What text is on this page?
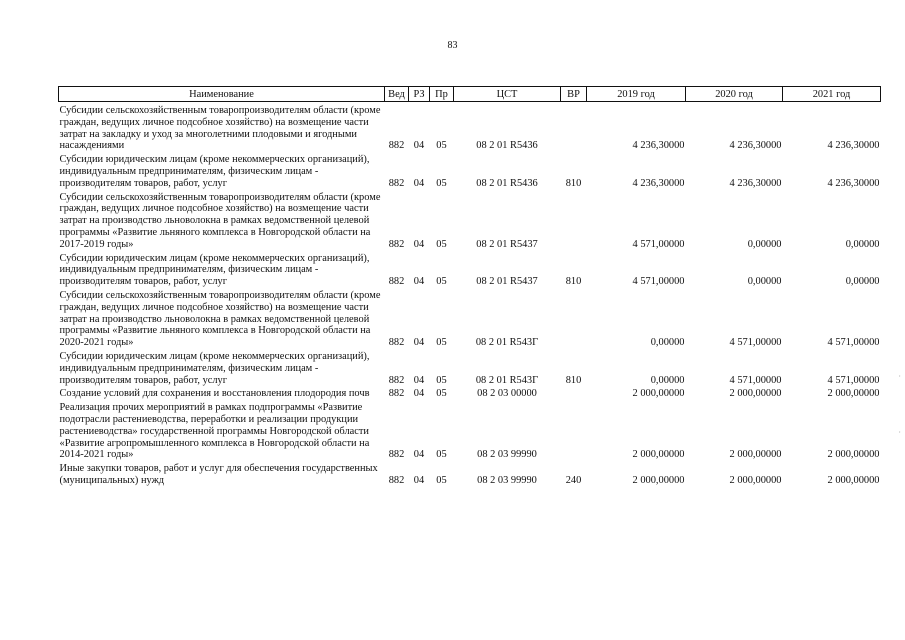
83
Наименование	Вед	РЗ	Пр	ЦСТ	ВР	2019 год	2020 год	2021 год
Субсидии сельскохозяйственным товаропроизводителям области (кроме граждан, ведущих личное подсобное хозяйство) на возмещение части затрат на закладку и уход за многолетними плодовыми и ягодными насаждениями	882	04	05	08 2 01 R5436		4 236,30000	4 236,30000	4 236,30000
Субсидии юридическим лицам (кроме некоммерческих организаций), индивидуальным предпринимателям, физическим лицам - производителям товаров, работ, услуг	882	04	05	08 2 01 R5436	810	4 236,30000	4 236,30000	4 236,30000
Субсидии сельскохозяйственным товаропроизводителям области (кроме граждан, ведущих личное подсобное хозяйство) на возмещение части затрат на производство льноволокна в рамках ведомственной целевой программы «Развитие льняного комплекса в Новгородской области на 2017-2019 годы»	882	04	05	08 2 01 R5437		4 571,00000	0,00000	0,00000
Субсидии юридическим лицам (кроме некоммерческих организаций), индивидуальным предпринимателям, физическим лицам - производителям товаров, работ, услуг	882	04	05	08 2 01 R5437	810	4 571,00000	0,00000	0,00000
Субсидии сельскохозяйственным товаропроизводителям области (кроме граждан, ведущих личное подсобное хозяйство) на возмещение части затрат на производство льноволокна в рамках ведомственной целевой программы «Развитие льняного комплекса в Новгородской области на 2020-2021 годы»	882	04	05	08 2 01 R543Г		0,00000	4 571,00000	4 571,00000
Субсидии юридическим лицам (кроме некоммерческих организаций), индивидуальным предпринимателям, физическим лицам - производителям товаров, работ, услуг	882	04	05	08 2 01 R543Г	810	0,00000	4 571,00000	4 571,00000
Создание условий для сохранения и восстановления плодородия почв	882	04	05	08 2 03 00000		2 000,00000	2 000,00000	2 000,00000
Реализация прочих мероприятий в рамках подпрограммы «Развитие подотрасли растениеводства, переработки и реализации продукции растениеводства» государственной программы Новгородской области «Развитие агропромышленного комплекса в Новгородской области на 2014-2021 годы»	882	04	05	08 2 03 99990		2 000,00000	2 000,00000	2 000,00000
Иные закупки товаров, работ и услуг для обеспечения государственных (муниципальных) нужд	882	04	05	08 2 03 99990	240	2 000,00000	2 000,00000	2 000,00000
·
·
